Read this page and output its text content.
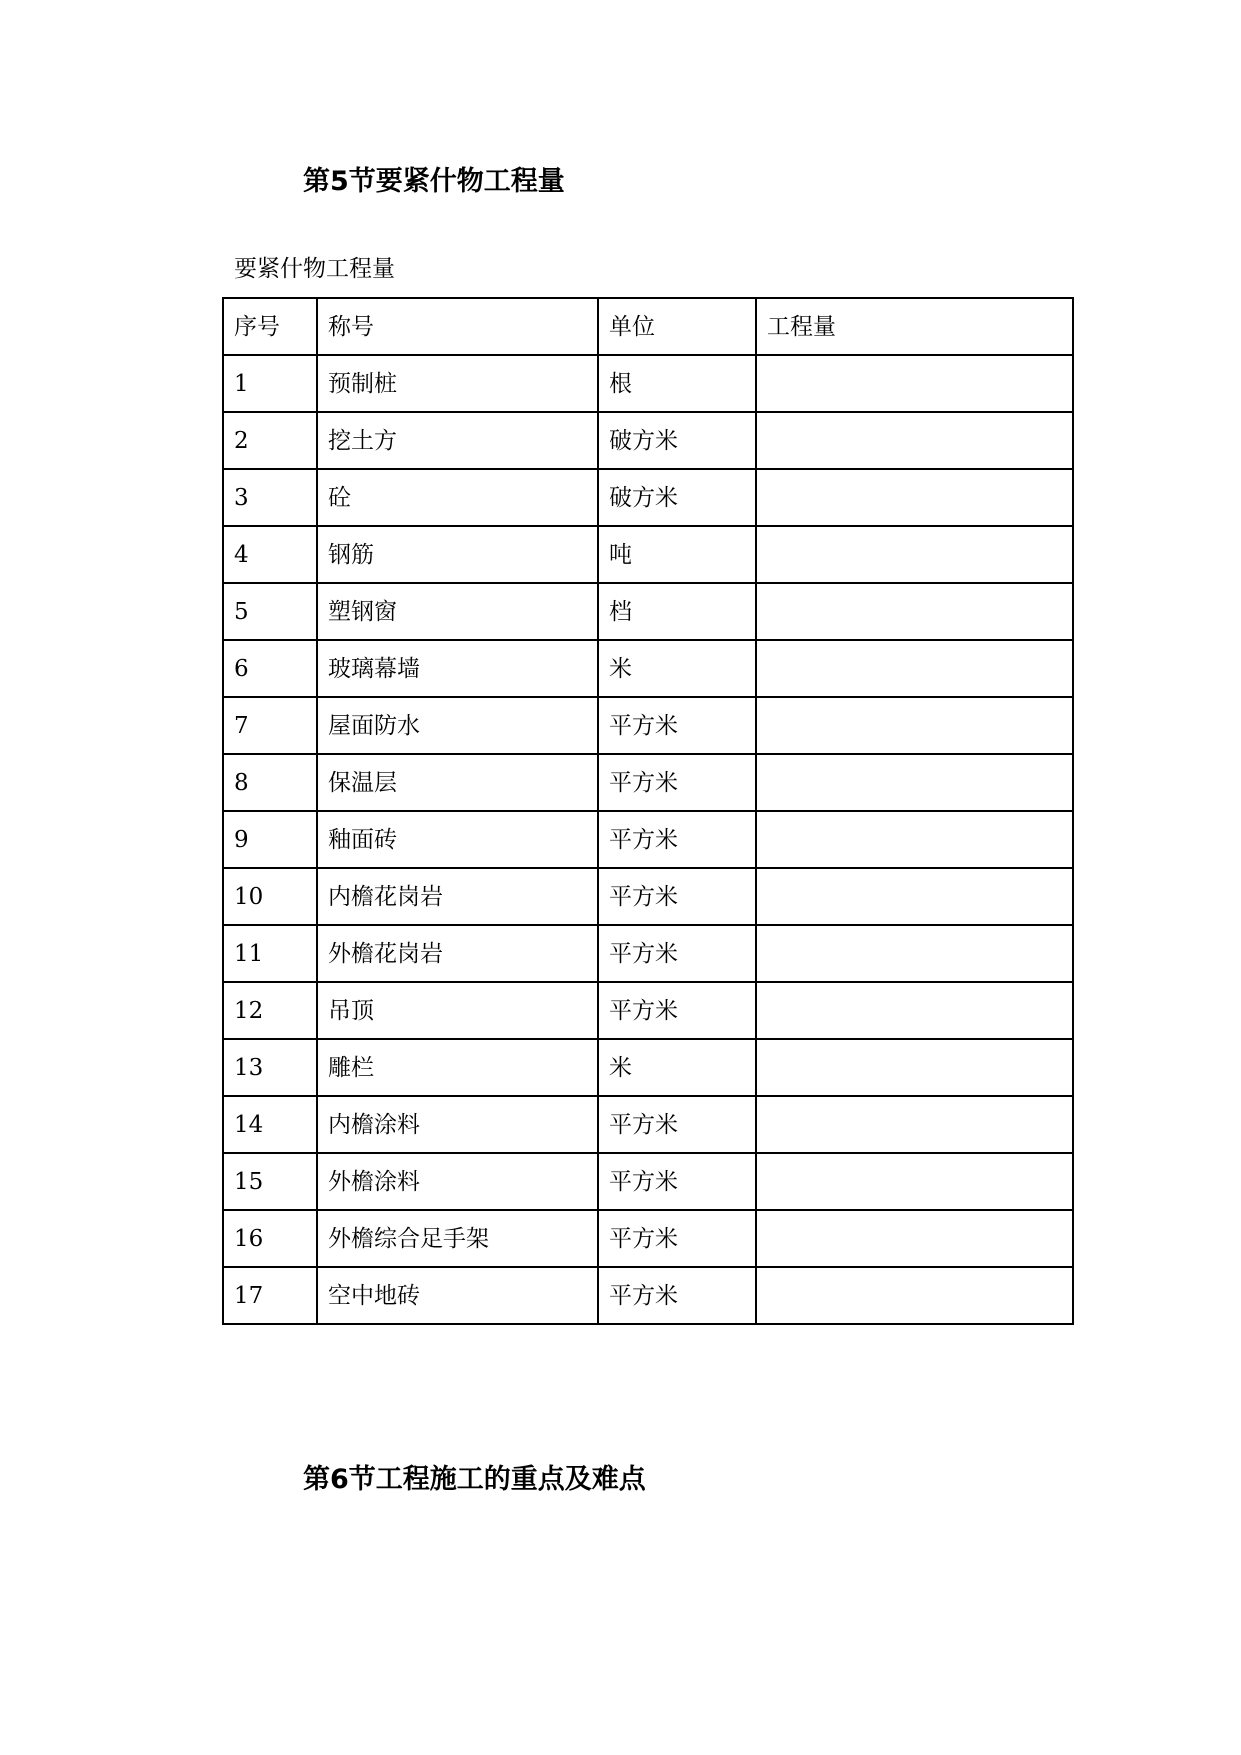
第5节要紧什物工程量
要紧什物工程量
序号	称号	单位	工程量
1	预制桩	根	
2	挖土方	破方米	
3	砼	破方米	
4	钢筋	吨	
5	塑钢窗	档	
6	玻璃幕墙	米	
7	屋面防水	平方米	
8	保温层	平方米	
9	釉面砖	平方米	
10	内檐花岗岩	平方米	
11	外檐花岗岩	平方米	
12	吊顶	平方米	
13	雕栏	米	
14	内檐涂料	平方米	
15	外檐涂料	平方米	
16	外檐综合足手架	平方米	
17	空中地砖	平方米	
第6节工程施工的重点及难点
